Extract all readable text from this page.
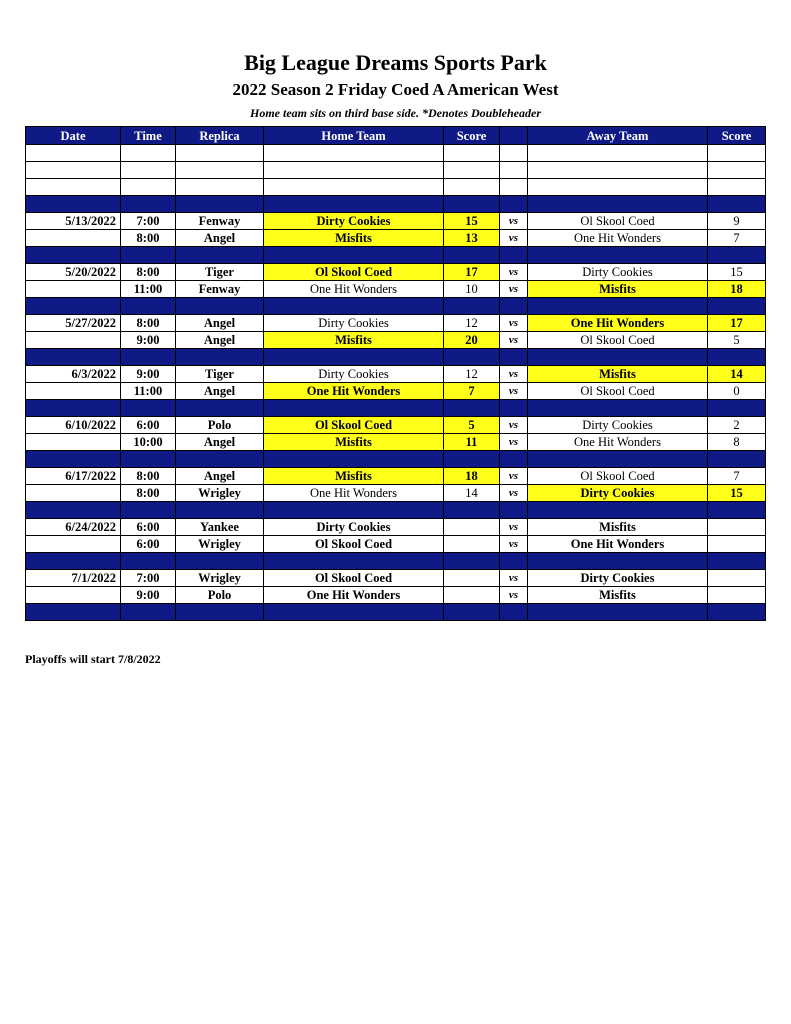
Big League Dreams Sports Park
2022 Season 2 Friday Coed A American West
Home team sits on third base side. *Denotes Doubleheader
Date	Time	Replica	Home Team	Score		Away Team	Score

5/13/2022	7:00	Fenway	Dirty Cookies	15	vs	Ol Skool Coed	9
	8:00	Angel	Misfits	13	vs	One Hit Wonders	7

5/20/2022	8:00	Tiger	Ol Skool Coed	17	vs	Dirty Cookies	15
	11:00	Fenway	One Hit Wonders	10	vs	Misfits	18

5/27/2022	8:00	Angel	Dirty Cookies	12	vs	One Hit Wonders	17
	9:00	Angel	Misfits	20	vs	Ol Skool Coed	5

6/3/2022	9:00	Tiger	Dirty Cookies	12	vs	Misfits	14
	11:00	Angel	One Hit Wonders	7	vs	Ol Skool Coed	0

6/10/2022	6:00	Polo	Ol Skool Coed	5	vs	Dirty Cookies	2
	10:00	Angel	Misfits	11	vs	One Hit Wonders	8

6/17/2022	8:00	Angel	Misfits	18	vs	Ol Skool Coed	7
	8:00	Wrigley	One Hit Wonders	14	vs	Dirty Cookies	15

6/24/2022	6:00	Yankee	Dirty Cookies		vs	Misfits	
	6:00	Wrigley	Ol Skool Coed		vs	One Hit Wonders	

7/1/2022	7:00	Wrigley	Ol Skool Coed		vs	Dirty Cookies	
	9:00	Polo	One Hit Wonders		vs	Misfits	

Playoffs will start 7/8/2022
